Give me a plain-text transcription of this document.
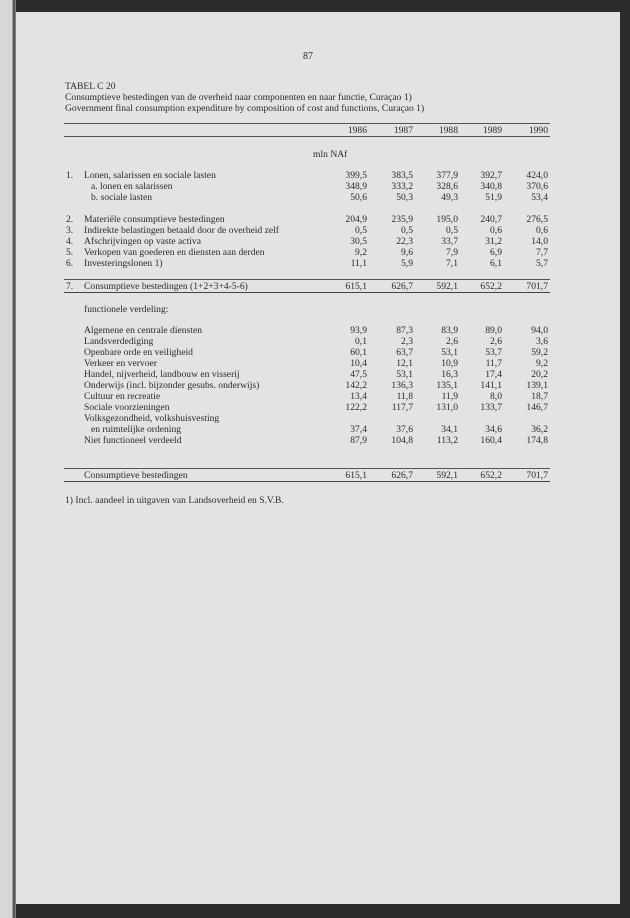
87
TABEL C 20
Consumptieve bestedingen van de overheid naar componenten en naar functie, Curaçao 1)
Government final consumption expenditure by composition of cost and functions, Curaçao 1)
1986	1987	1988	1989	1990
mln NAf
1. Lonen, salarissen en sociale lasten	399,5	383,5	377,9	392,7	424,0
a. lonen en salarissen	348,9	333,2	328,6	340,8	370,6
b. sociale lasten	50,6	50,3	49,3	51,9	53,4
2. Materiële consumptieve bestedingen	204,9	235,9	195,0	240,7	276,5
3. Indirekte belastingen betaald door de overheid zelf	0,5	0,5	0,5	0,6	0,6
4. Afschrijvingen op vaste activa	30,5	22,3	33,7	31,2	14,0
5. Verkopen van goederen en diensten aan derden	9,2	9,6	7,9	6,9	7,7
6. Investeringslonen 1)	11,1	5,9	7,1	6,1	5,7
7. Consumptieve bestedingen (1+2+3+4-5-6)	615,1	626,7	592,1	652,2	701,7
functionele verdeling:
Algemene en centrale diensten	93,9	87,3	83,9	89,0	94,0
Landsverdediging	0,1	2,3	2,6	2,6	3,6
Openbare orde en veiligheid	60,1	63,7	53,1	53,7	59,2
Verkeer en vervoer	10,4	12,1	10,9	11,7	9,2
Handel, nijverheid, landbouw en visserij	47,5	53,1	16,3	17,4	20,2
Onderwijs (incl. bijzonder gesubs. onderwijs)	142,2	136,3	135,1	141,1	139,1
Cultuur en recreatie	13,4	11,8	11,9	8,0	18,7
Sociale voorzieningen	122,2	117,7	131,0	133,7	146,7
Volksgezondheid, volkshuisvesting
en ruimtelijke ordening	37,4	37,6	34,1	34,6	36,2
Niet functioneel verdeeld	87,9	104,8	113,2	160,4	174,8
Consumptieve bestedingen	615,1	626,7	592,1	652,2	701,7
1) Incl. aandeel in uitgaven van Landsoverheid en S.V.B.
